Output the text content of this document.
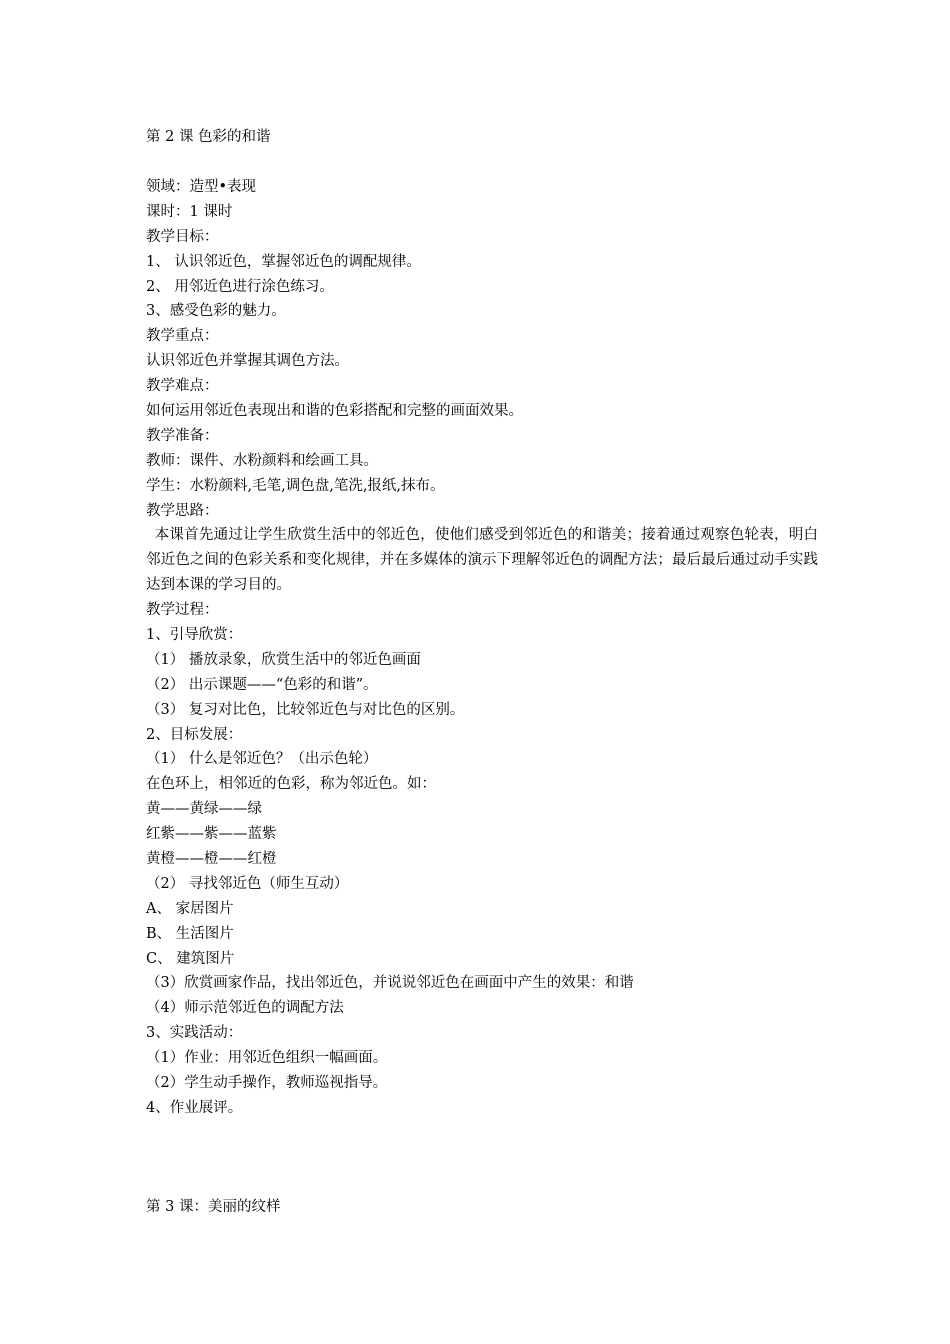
第 2 课 色彩的和谐
领域：造型•表现
课时：1 课时
教学目标：
1、 认识邻近色，掌握邻近色的调配规律。
2、 用邻近色进行涂色练习。
3、感受色彩的魅力。
教学重点：
认识邻近色并掌握其调色方法。
教学难点：
如何运用邻近色表现出和谐的色彩搭配和完整的画面效果。
教学准备：
教师：课件、水粉颜料和绘画工具。
学生：水粉颜料,毛笔,调色盘,笔洗,报纸,抹布。
教学思路：
本课首先通过让学生欣赏生活中的邻近色，使他们感受到邻近色的和谐美；接着通过观察色轮表，明白邻近色之间的色彩关系和变化规律，并在多媒体的演示下理解邻近色的调配方法；最后最后通过动手实践达到本课的学习目的。
教学过程：
1、引导欣赏：
（1） 播放录象，欣赏生活中的邻近色画面
（2） 出示课题——“色彩的和谐”。
（3） 复习对比色，比较邻近色与对比色的区别。
2、目标发展：
（1） 什么是邻近色？（出示色轮）
在色环上，相邻近的色彩，称为邻近色。如：
黄——黄绿——绿
红紫——紫——蓝紫
黄橙——橙——红橙
（2） 寻找邻近色（师生互动）
A、 家居图片
B、 生活图片
C、 建筑图片
（3）欣赏画家作品，找出邻近色，并说说邻近色在画面中产生的效果：和谐
（4）师示范邻近色的调配方法
3、实践活动：
（1）作业：用邻近色组织一幅画面。
（2）学生动手操作，教师巡视指导。
4、作业展评。
第 3 课：美丽的纹样
